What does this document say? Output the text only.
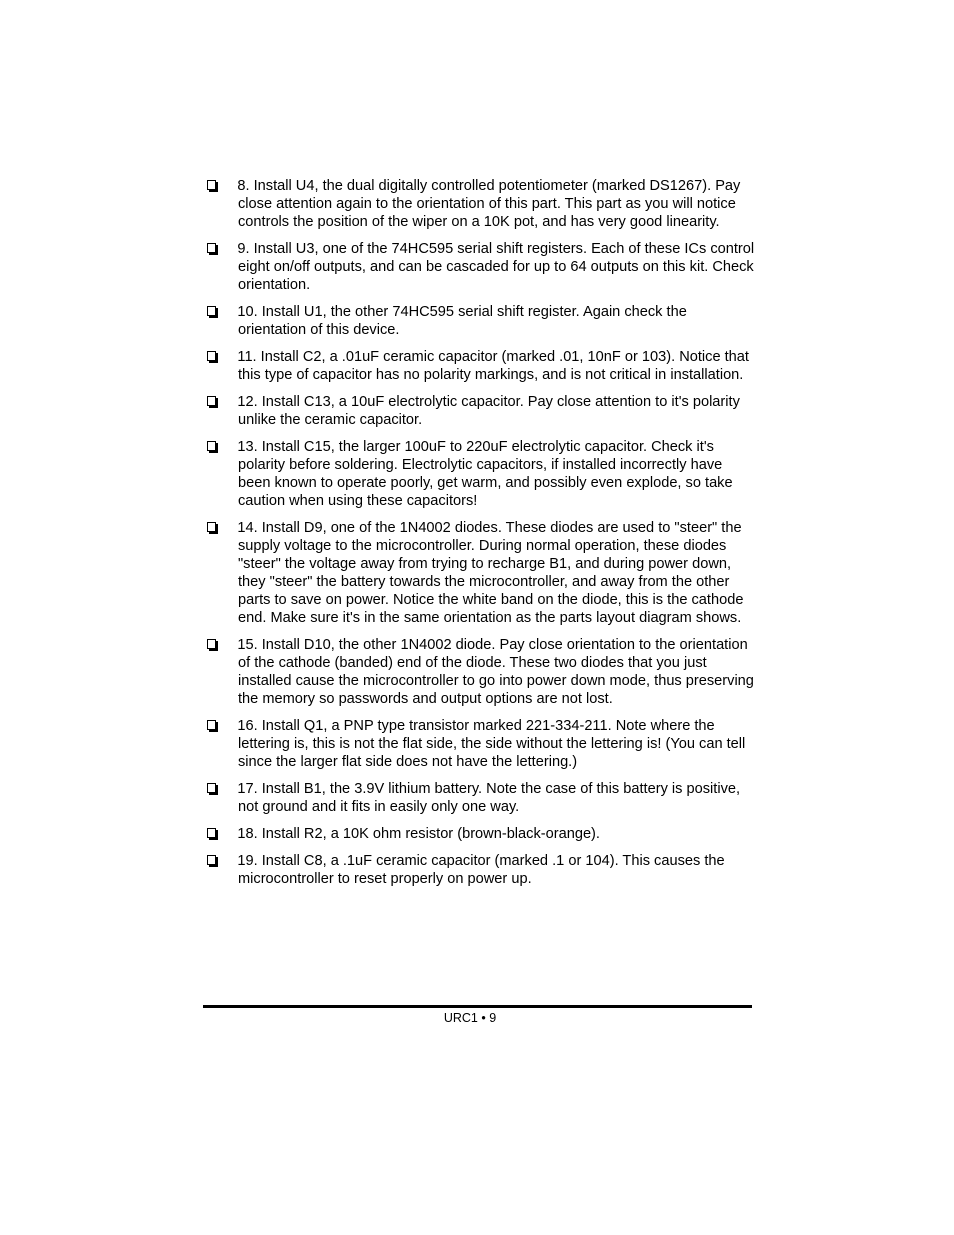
8. Install U4, the dual digitally controlled potentiometer (marked DS1267). Pay close attention again to the orientation of this part. This part as you will notice controls the position of the wiper on a 10K pot, and has very good linearity.
9. Install U3, one of the 74HC595 serial shift registers. Each of these ICs control eight on/off outputs, and can be cascaded for up to 64 outputs on this kit. Check orientation.
10. Install U1, the other 74HC595 serial shift register. Again check the orientation of this device.
11. Install C2, a .01uF ceramic capacitor (marked .01, 10nF or 103). Notice that this type of capacitor has no polarity markings, and is not critical in installation.
12. Install C13, a 10uF electrolytic capacitor. Pay close attention to it's polarity unlike the ceramic capacitor.
13. Install C15, the larger 100uF to 220uF electrolytic capacitor. Check it's polarity before soldering. Electrolytic capacitors, if installed incorrectly have been known to operate poorly, get warm, and possibly even explode, so take caution when using these capacitors!
14. Install D9, one of the 1N4002 diodes. These diodes are used to "steer" the supply voltage to the microcontroller. During normal operation, these diodes "steer" the voltage away from trying to recharge B1, and during power down, they "steer" the battery towards the microcontroller, and away from the other parts to save on power. Notice the white band on the diode, this is the cathode end. Make sure it's in the same orientation as the parts layout diagram shows.
15. Install D10, the other 1N4002 diode. Pay close orientation to the orientation of the cathode (banded) end of the diode. These two diodes that you just installed cause the microcontroller to go into power down mode, thus preserving the memory so passwords and output options are not lost.
16. Install Q1, a PNP type transistor marked 221-334-211. Note where the lettering is, this is not the flat side, the side without the lettering is! (You can tell since the larger flat side does not have the lettering.)
17. Install B1, the 3.9V lithium battery. Note the case of this battery is positive, not ground and it fits in easily only one way.
18. Install R2, a 10K ohm resistor (brown-black-orange).
19. Install C8, a .1uF ceramic capacitor (marked .1 or 104). This causes the microcontroller to reset properly on power up.
URC1 • 9
